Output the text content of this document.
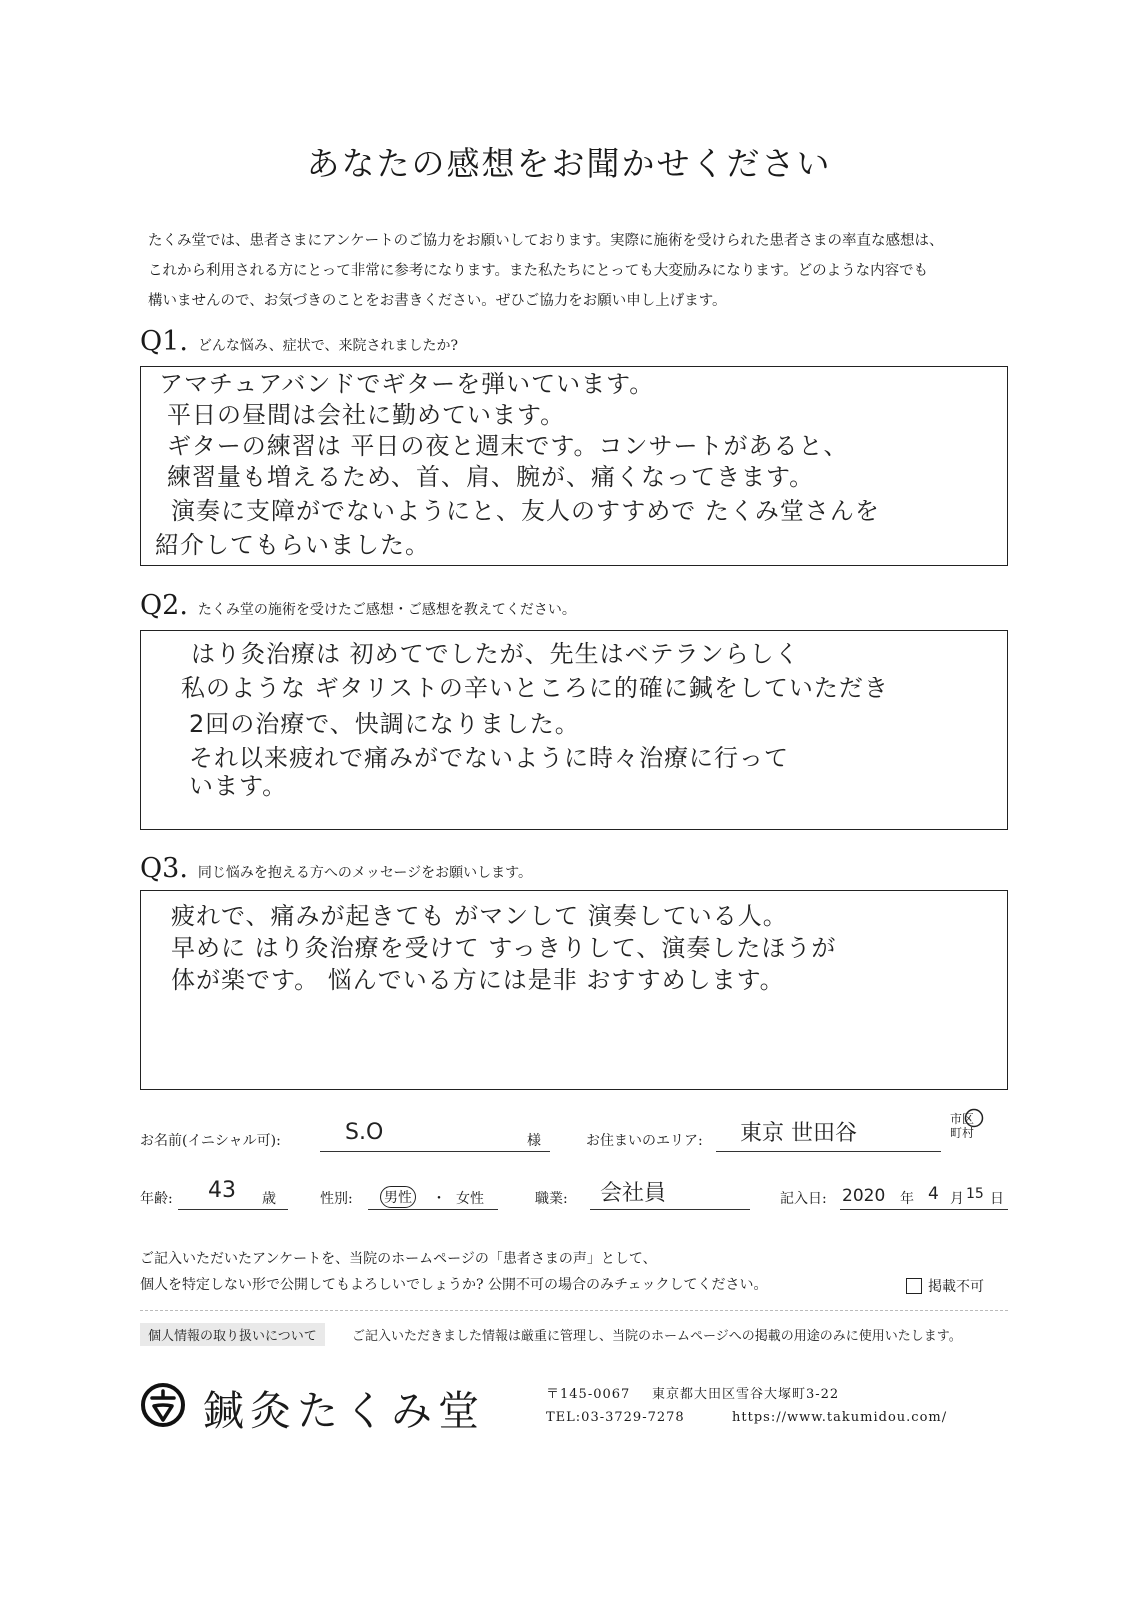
あなたの感想をお聞かせください
たくみ堂では、患者さまにアンケートのご協力をお願いしております。実際に施術を受けられた患者さまの率直な感想は、
これから利用される方にとって非常に参考になります。また私たちにとっても大変励みになります。どのような内容でも
構いませんので、お気づきのことをお書きください。ぜひご協力をお願い申し上げます。
Q1. どんな悩み、症状で、来院されましたか?
アマチュアバンドでギターを弾いています。
平日の昼間は会社に勤めています。
ギターの練習は 平日の夜と週末です。コンサートがあると、
練習量も増えるため、首、肩、腕が、痛くなってきます。
演奏に支障がでないようにと、友人のすすめで たくみ堂さんを
紹介してもらいました。
Q2. たくみ堂の施術を受けたご感想・ご感想を教えてください。
はり灸治療は 初めてでしたが、先生はベテランらしく
私のような ギタリストの辛いところに的確に鍼をしていただき
2回の治療で、快調になりました。
それ以来疲れで痛みがでないように時々治療に行って
います。
Q3. 同じ悩みを抱える方へのメッセージをお願いします。
疲れで、痛みが起きても がマンして 演奏している人。
早めに はり灸治療を受けて すっきりして、演奏したほうが
体が楽です。 悩んでいる方には是非 おすすめします。
お名前(イニシャル可):	S.O	様	お住まいのエリア: 東京 世田谷
市区
町村
年齢: 43 歳	性別: 男性 ・ 女性	職業: 会社員	記入日: 2020 年 4 月 15 日
ご記入いただいたアンケートを、当院のホームページの「患者さまの声」として、
個人を特定しない形で公開してもよろしいでしょうか? 公開不可の場合のみチェックしてください。	掲載不可
個人情報の取り扱いについて	ご記入いただきました情報は厳重に管理し、当院のホームページへの掲載の用途のみに使用いたします。
鍼灸たくみ堂	〒145-0067 東京都大田区雪谷大塚町3-22
TEL:03-3729-7278	https://www.takumidou.com/
